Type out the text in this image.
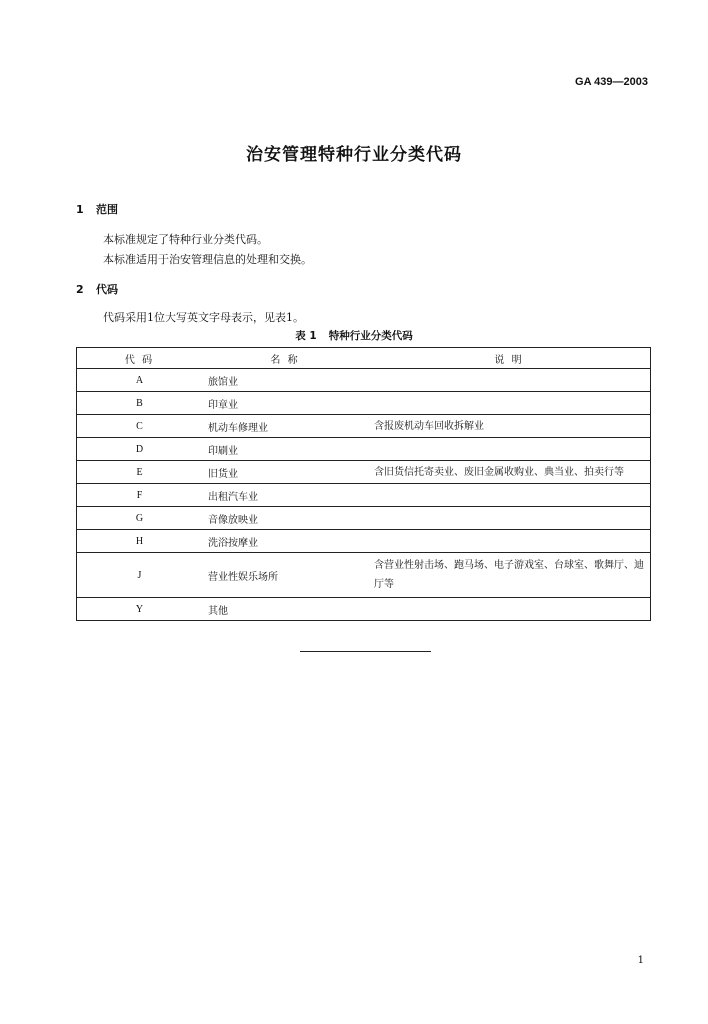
GA 439—2003
治安管理特种行业分类代码
1 范围
本标准规定了特种行业分类代码。
本标准适用于治安管理信息的处理和交换。
2 代码
代码采用1位大写英文字母表示，见表1。
表 1 特种行业分类代码
代 码	名 称	说 明
A	旅馆业	
B	印章业	
C	机动车修理业	含报废机动车回收拆解业
D	印刷业	
E	旧货业	含旧货信托寄卖业、废旧金属收购业、典当业、拍卖行等
F	出租汽车业	
G	音像放映业	
H	洗浴按摩业	
J	营业性娱乐场所	含营业性射击场、跑马场、电子游戏室、台球室、歌舞厅、迪厅等
Y	其他	
1
